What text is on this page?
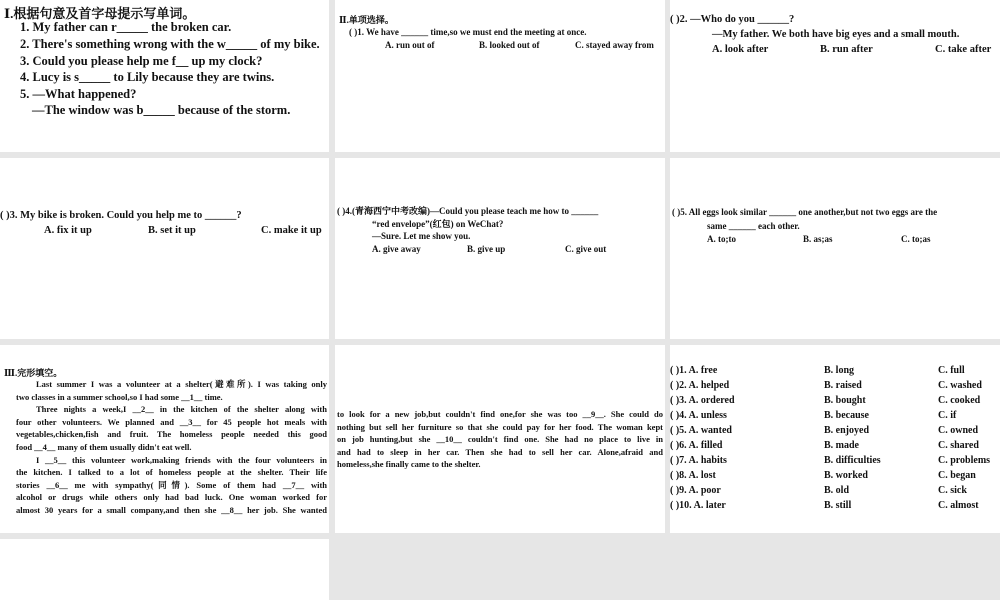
Ⅰ.根据句意及首字母提示写单词。
1. My father can r_____ the broken car.
2. There's something wrong with the w_____ of my bike.
3. Could you please help me f__ up my clock?
4. Lucy is s_____ to Lily because they are twins.
5. —What happened?
—The window was b_____ because of the storm.
Ⅱ.单项选择。
( )1. We have ______ time,so we must end the meeting at once.
A. run out of	B. looked out of	C. stayed away from
( )2. —Who do you ______?
—My father. We both have big eyes and a small mouth.
A. look after	B. run after	C. take after
( )3. My bike is broken. Could you help me to ______?
A. fix it up	B. set it up	C. make it up
( )4.(青海西宁中考改编)—Could you please teach me how to ______
“red envelope”(红包) on WeChat?
—Sure. Let me show you.
A. give away	B. give up	C. give out
( )5. All eggs look similar ______ one another,but not two eggs are the
same ______ each other.
A. to;to	B. as;as	C. to;as
Ⅲ.完形填空。
Last summer I was a volunteer at a shelter(避难所). I was taking only
two classes in a summer school,so I had some __1__ time.
Three nights a week,I __2__ in the kitchen of the shelter along with
four other volunteers. We planned and __3__ for 45 people hot meals with
vegetables,chicken,fish and fruit. The homeless people needed this good
food __4__ many of them usually didn't eat well.
I __5__ this volunteer work,making friends with the four volunteers in
the kitchen. I talked to a lot of homeless people at the shelter. Their life
stories __6__ me with sympathy(同情). Some of them had __7__ with
alcohol or drugs while others only had bad luck. One woman worked for
almost 30 years for a small company,and then she __8__ her job. She wanted
to look for a new job,but couldn't find one,for she was too __9__. She could do
nothing but sell her furniture so that she could pay for her food. The woman kept
on job hunting,but she __10__ couldn't find one. She had no place to live in
and had to sleep in her car. Then she had to sell her car. Alone,afraid and
homeless,she finally came to the shelter.
( )1. A. free	B. long	C. full
( )2. A. helped	B. raised	C. washed
( )3. A. ordered	B. bought	C. cooked
( )4. A. unless	B. because	C. if
( )5. A. wanted	B. enjoyed	C. owned
( )6. A. filled	B. made	C. shared
( )7. A. habits	B. difficulties	C. problems
( )8. A. lost	B. worked	C. began
( )9. A. poor	B. old	C. sick
( )10. A. later	B. still	C. almost
